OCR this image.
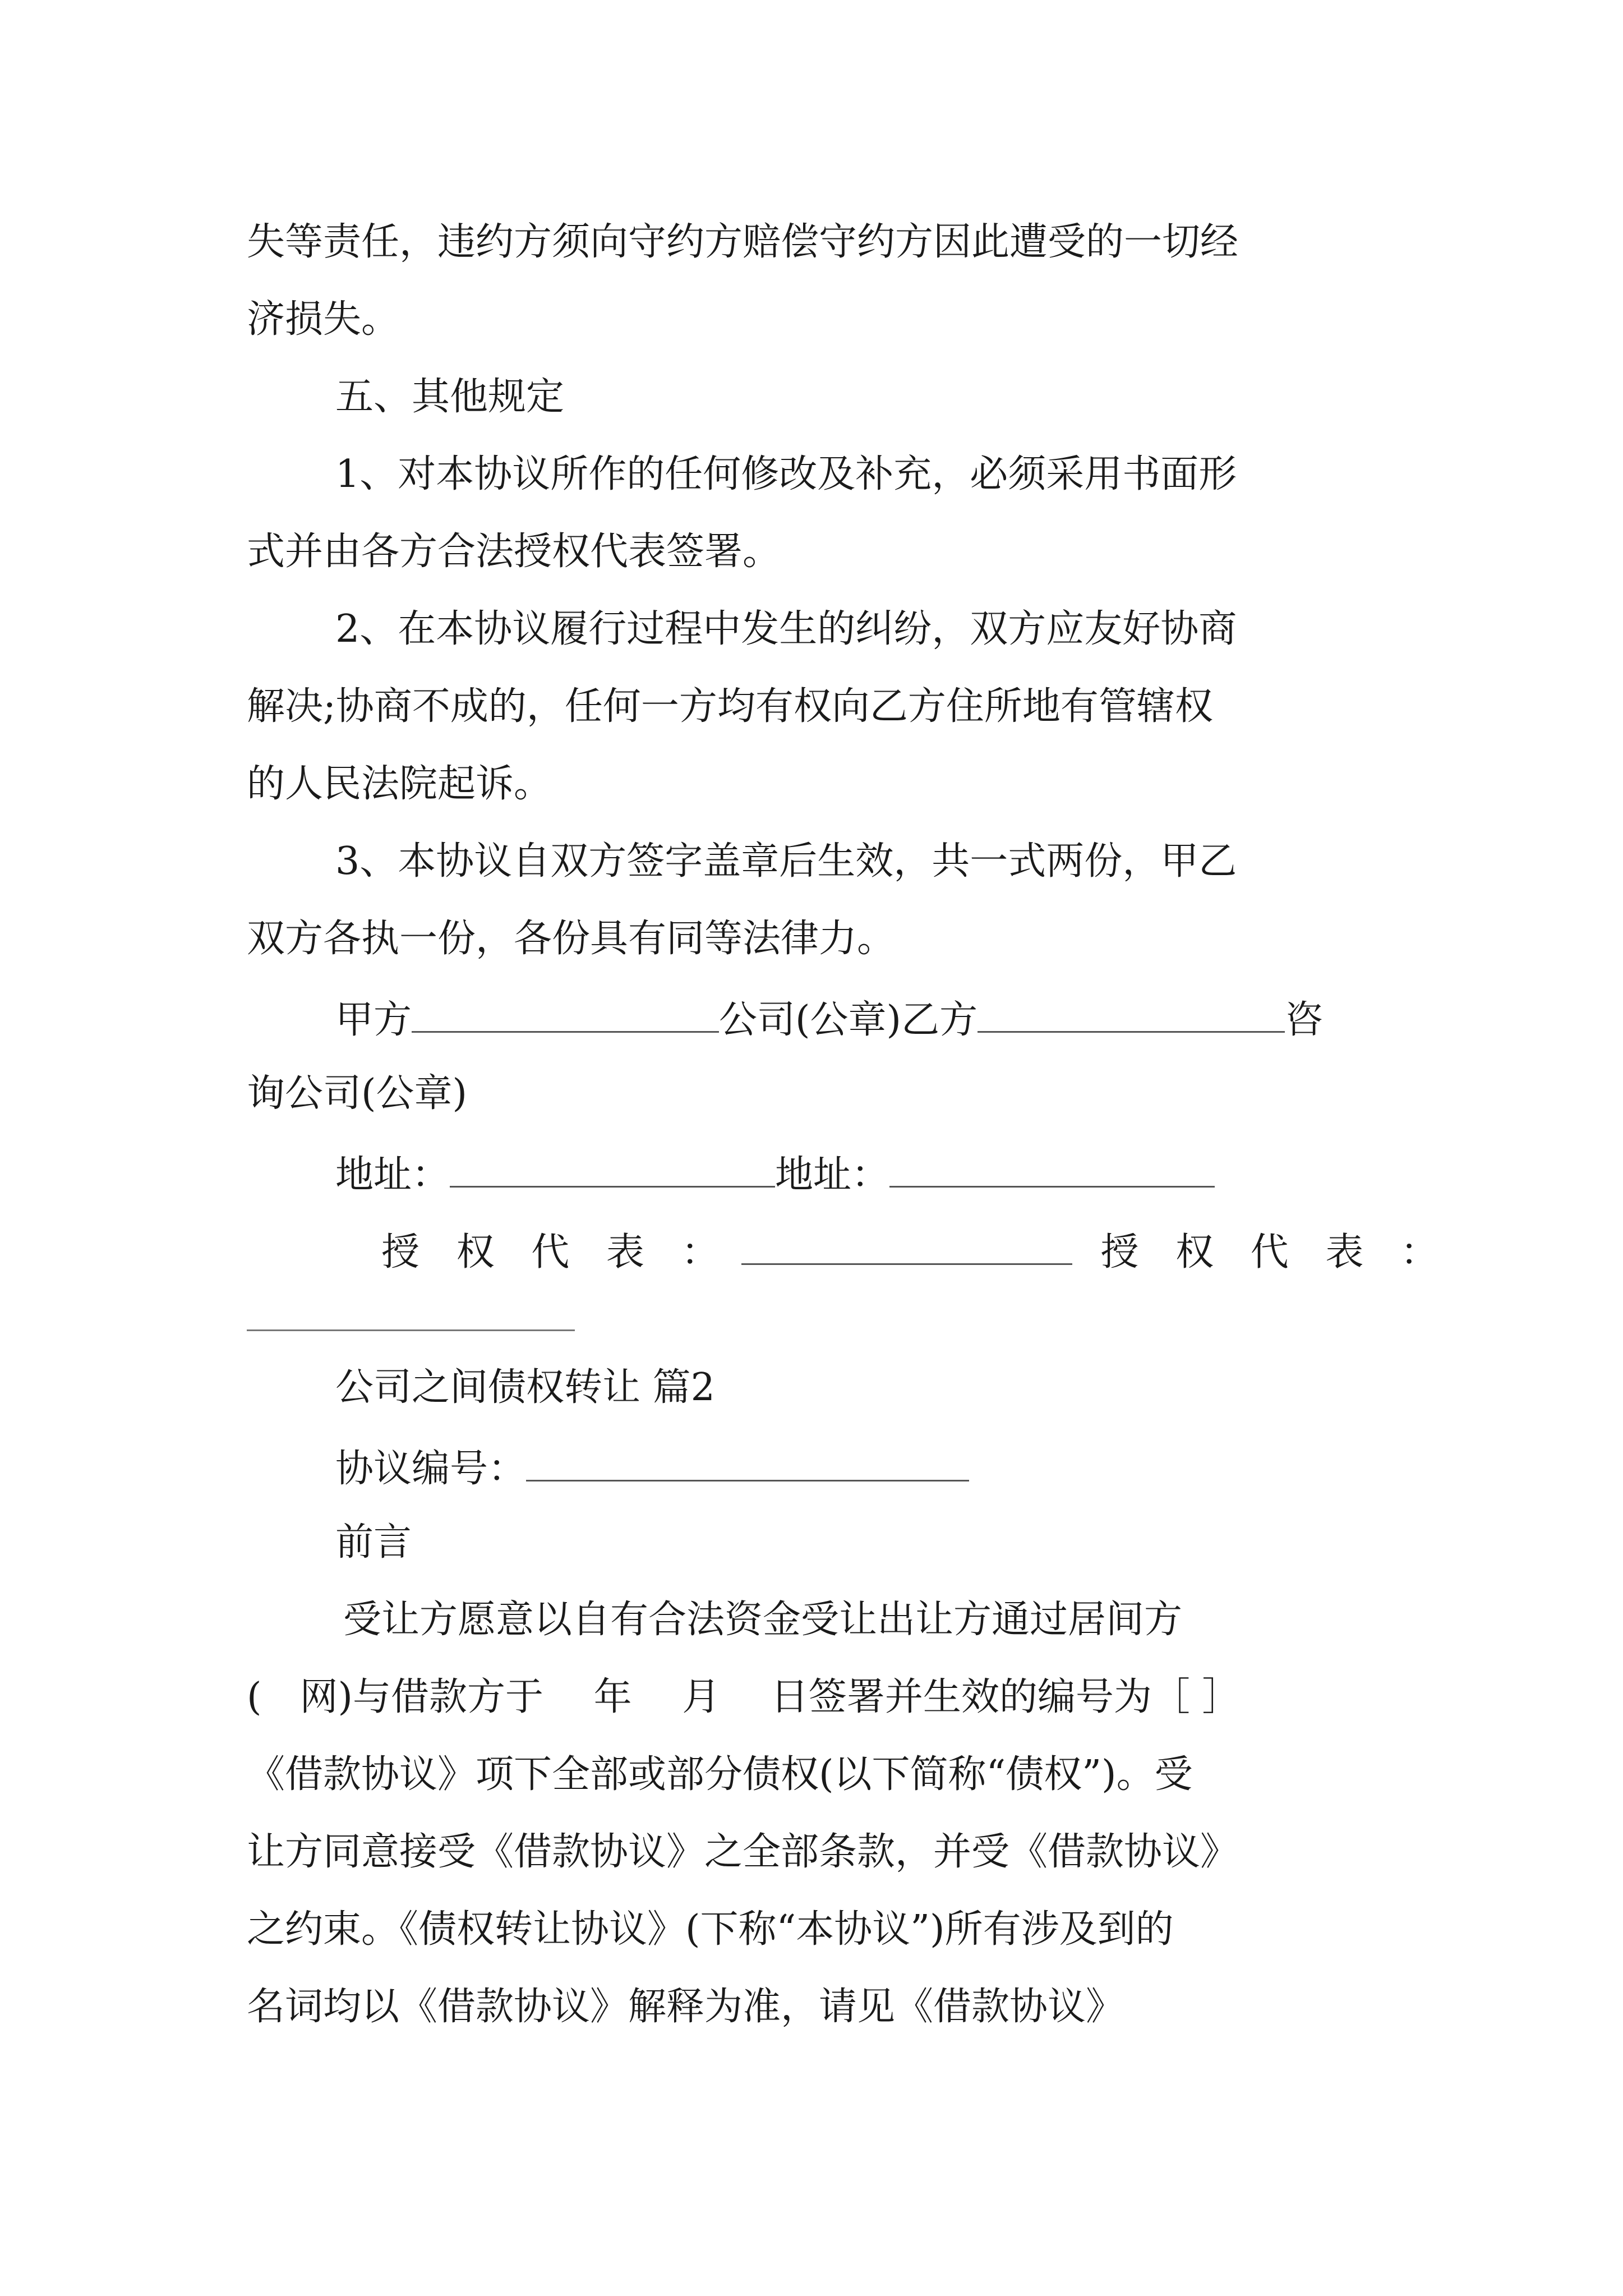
失等责任，违约方须向守约方赔偿守约方因此遭受的一切经
济损失。
五、其他规定
1、对本协议所作的任何修改及补充，必须采用书面形
式并由各方合法授权代表签署。
2、在本协议履行过程中发生的纠纷，双方应友好协商
解决;协商不成的，任何一方均有权向乙方住所地有管辖权
的人民法院起诉。
3、本协议自双方签字盖章后生效，共一式两份，甲乙
双方各执一份，各份具有同等法律力。
甲方	公司(公章)乙方	咨
询公司(公章)
地址：	地址：
授 权 代 表 ：	授 权 代 表 ：
公司之间债权转让 篇2
协议编号：
前言
受让方愿意以自有合法资金受让出让方通过居间方
(　网)与借款方于　 年　 月　 日签署并生效的编号为［ ］
《借款协议》项下全部或部分债权(以下简称“债权”)。受
让方同意接受《借款协议》之全部条款，并受《借款协议》
之约束。《债权转让协议》(下称“本协议”)所有涉及到的
名词均以《借款协议》解释为准，请见《借款协议》
